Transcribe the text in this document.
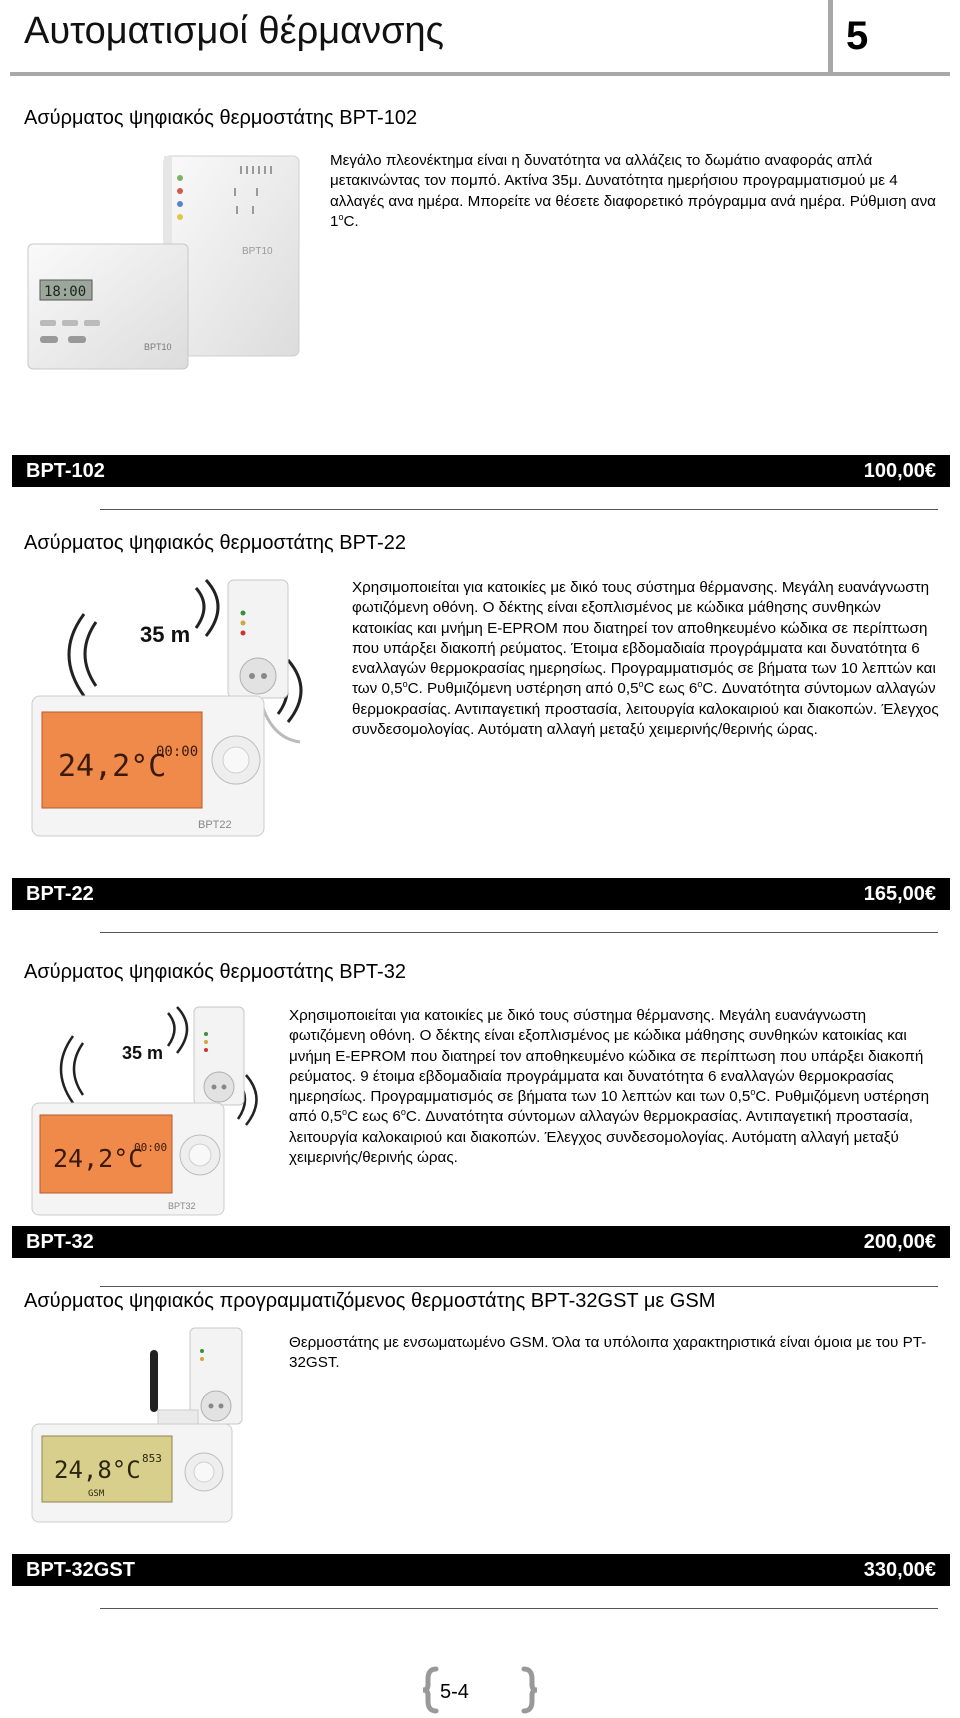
Αυτοματισμοί θέρμανσης	5
Ασύρματος ψηφιακός θερμοστάτης BPT-102
BPT10
18:00
BPT10
Μεγάλο πλεονέκτημα είναι η δυνατότητα να αλλάζεις το δωμάτιο αναφοράς απλά μετακινώντας τον πομπό. Ακτίνα 35μ. Δυνατότητα ημερήσιου προγραμματισμού με 4 αλλαγές ανα ημέρα. Μπορείτε να θέσετε διαφορετικό πρόγραμμα ανά ημέρα. Ρύθμιση ανα 1$^o$C.
BPT-102	100,00€
Ασύρματος ψηφιακός θερμοστάτης BPT-22
35 m
24,2°C
00:00
BPT22
Χρησιμοποιείται για κατοικίες με δικό τους σύστημα θέρμανσης. Μεγάλη ευανάγνωστη φωτιζόμενη οθόνη. Ο δέκτης είναι εξοπλισμένος με κώδικα μάθησης συνθηκών κατοικίας και μνήμη E-EPROM που διατηρεί τον αποθηκευμένο κώδικα σε περίπτωση που υπάρξει διακοπή ρεύματος. Έτοιμα εβδομαδιαία προγράμματα και δυνατότητα 6 εναλλαγών θερμοκρασίας ημερησίως. Προγραμματισμός σε βήματα των 10 λεπτών και των 0,5$^o$C. Ρυθμιζόμενη υστέρηση από 0,5$^o$C εως 6$^o$C. Δυνατότητα σύντομων αλλαγών θερμοκρασίας. Αντιπαγετική προστασία, λειτουργία καλοκαιριού και διακοπών. Έλεγχος συνδεσομολογίας. Αυτόματη αλλαγή μεταξύ χειμερινής/θερινής ώρας.
BPT-22	165,00€
Ασύρματος ψηφιακός θερμοστάτης BPT-32
35 m
24,2°C
00:00
BPT32
Χρησιμοποιείται για κατοικίες με δικό τους σύστημα θέρμανσης. Μεγάλη ευανάγνωστη φωτιζόμενη οθόνη. Ο δέκτης είναι εξοπλισμένος με κώδικα μάθησης συνθηκών κατοικίας και μνήμη E-EPROM που διατηρεί τον αποθηκευμένο κώδικα σε περίπτωση που υπάρξει διακοπή ρεύματος. 9 έτοιμα εβδομαδιαία προγράμματα και δυνατότητα 6 εναλλαγών θερμοκρασίας ημερησίως. Προγραμματισμός σε βήματα των 10 λεπτών και των 0,5$^o$C. Ρυθμιζόμενη υστέρηση από 0,5$^o$C εως 6$^o$C. Δυνατότητα σύντομων αλλαγών θερμοκρασίας. Αντιπαγετική προστασία, λειτουργία καλοκαιριού και διακοπών. Έλεγχος συνδεσομολογίας. Αυτόματη αλλαγή μεταξύ χειμερινής/θερινής ώρας.
BPT-32	200,00€
Ασύρματος ψηφιακός προγραμματιζόμενος θερμοστάτης BPT-32GST με GSM
24,8°C 853
GSM
Θερμοστάτης με ενσωματωμένο GSM. Όλα τα υπόλοιπα χαρακτηριστικά είναι όμοια με του PT-32GST.
BPT-32GST	330,00€
5-4
